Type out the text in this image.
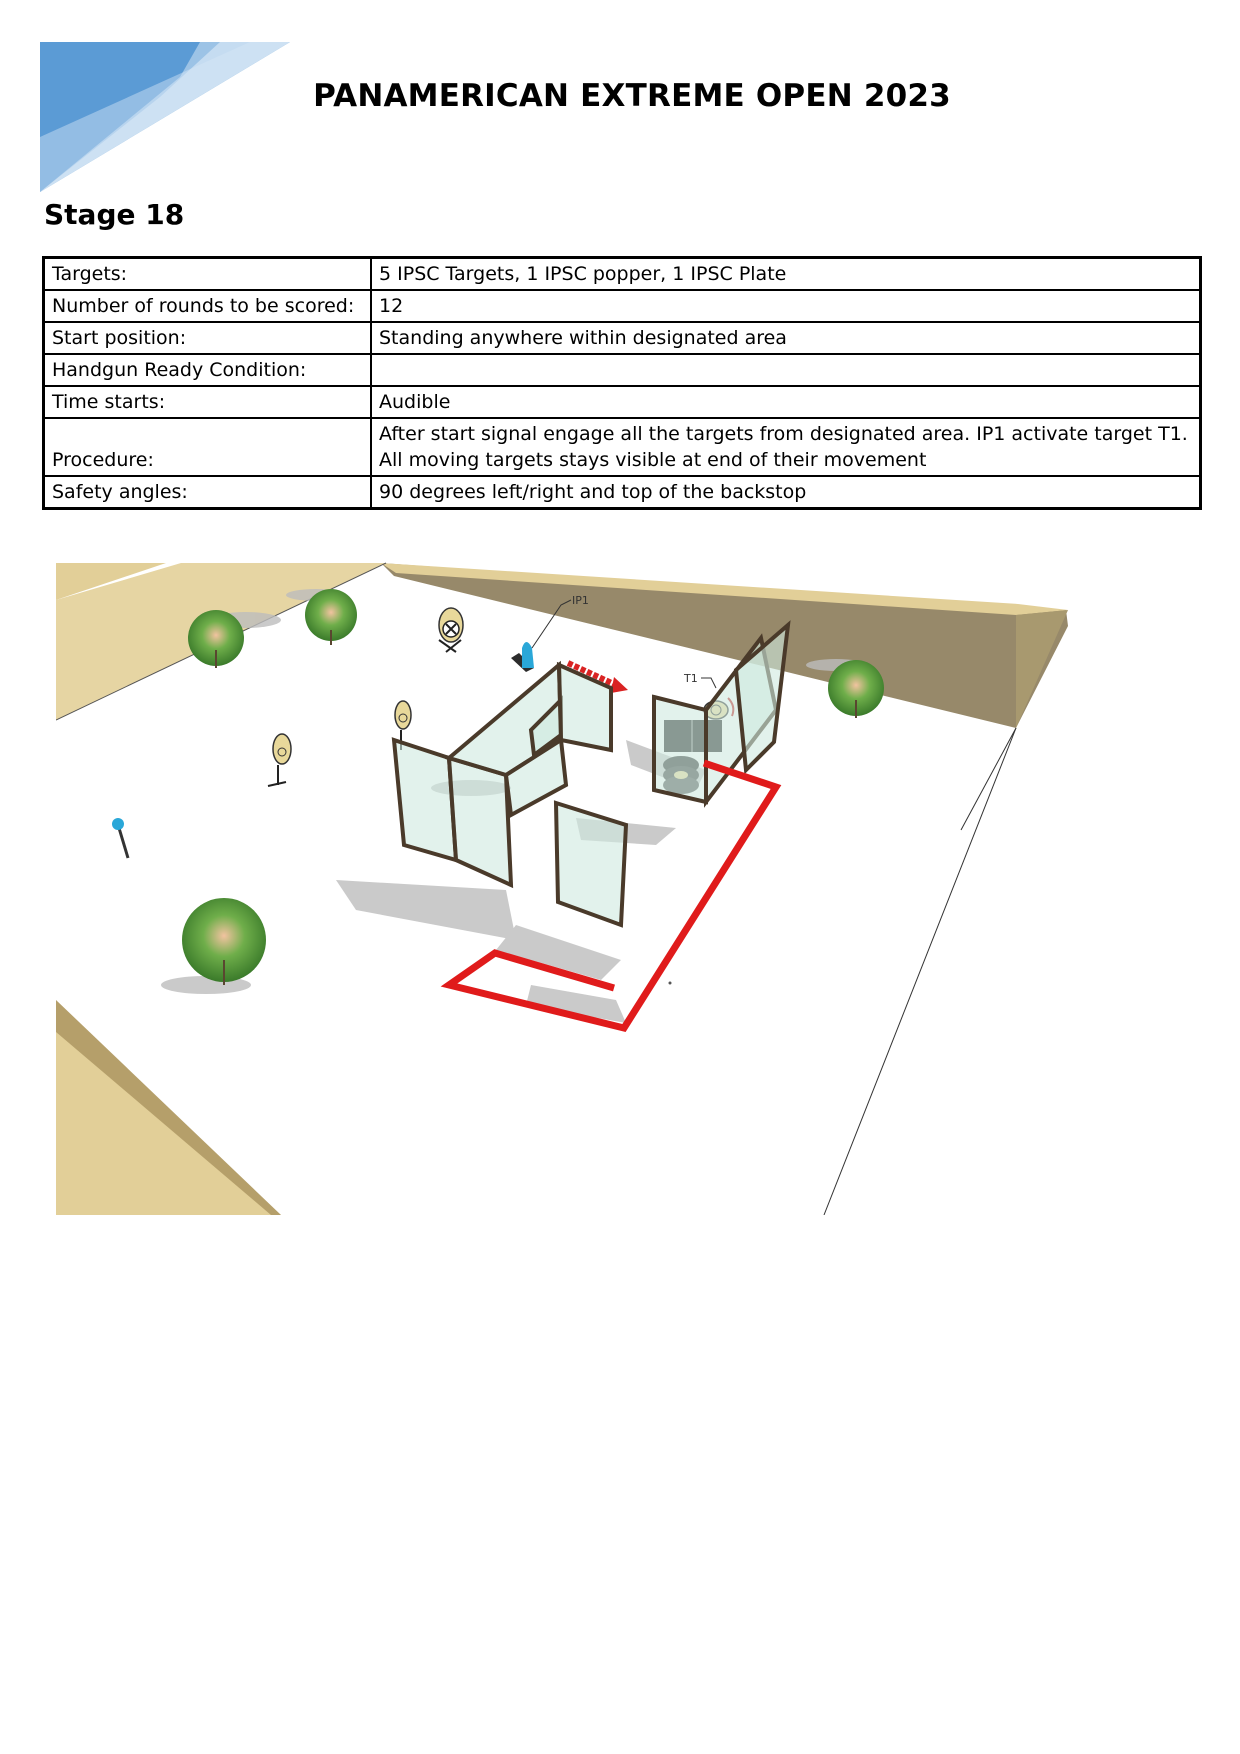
PANAMERICAN EXTREME OPEN 2023
Stage 18
Targets:	5 IPSC Targets, 1 IPSC popper, 1 IPSC Plate
Number of rounds to be scored:	12
Start position:	Standing anywhere within designated area
Handgun Ready Condition:	
Time starts:	Audible
Procedure:	After start signal engage all the targets from designated area. IP1 activate target T1. All moving targets stays visible at end of their movement
Safety angles:	90 degrees left/right and top of the backstop
IP1
T1
